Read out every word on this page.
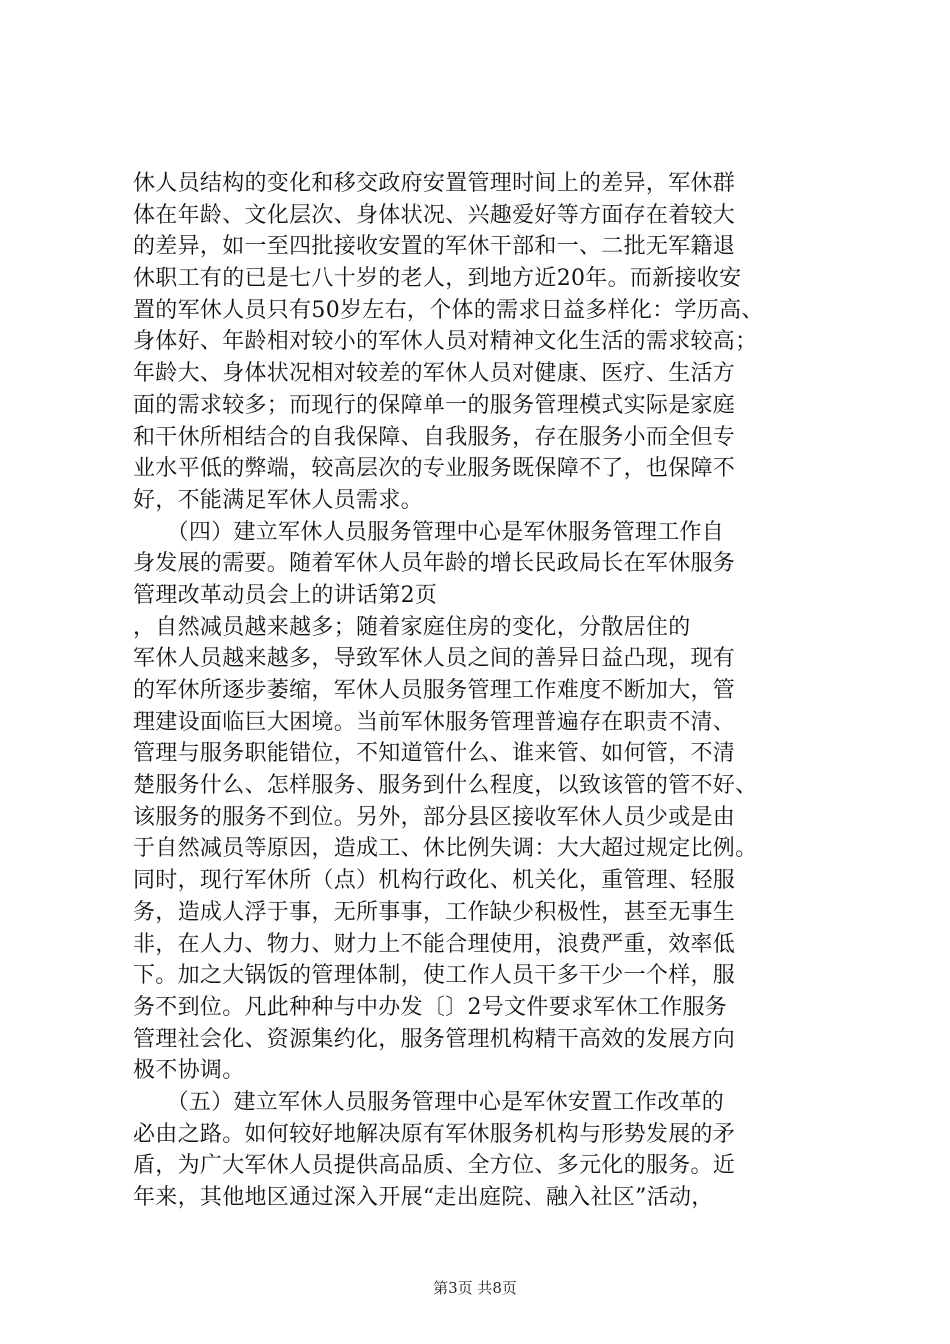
休人员结构的变化和移交政府安置管理时间上的差异，军休群
体在年龄、文化层次、身体状况、兴趣爱好等方面存在着较大
的差异，如一至四批接收安置的军休干部和一、二批无军籍退
休职工有的已是七八十岁的老人，到地方近20年。而新接收安
置的军休人员只有50岁左右，个体的需求日益多样化：学历高、
身体好、年龄相对较小的军休人员对精神文化生活的需求较高；
年龄大、身体状况相对较差的军休人员对健康、医疗、生活方
面的需求较多；而现行的保障单一的服务管理模式实际是家庭
和干休所相结合的自我保障、自我服务，存在服务小而全但专
业水平低的弊端，较高层次的专业服务既保障不了，也保障不
好，不能满足军休人员需求。
　　（四）建立军休人员服务管理中心是军休服务管理工作自
身发展的需要。随着军休人员年龄的增长民政局长在军休服务
管理改革动员会上的讲话第2页
，自然减员越来越多；随着家庭住房的变化，分散居住的
军休人员越来越多，导致军休人员之间的善异日益凸现，现有
的军休所逐步萎缩，军休人员服务管理工作难度不断加大，管
理建设面临巨大困境。当前军休服务管理普遍存在职责不清、
管理与服务职能错位，不知道管什么、谁来管、如何管，不清
楚服务什么、怎样服务、服务到什么程度，以致该管的管不好、
该服务的服务不到位。另外，部分县区接收军休人员少或是由
于自然减员等原因，造成工、休比例失调：大大超过规定比例。
同时，现行军休所（点）机构行政化、机关化，重管理、轻服
务，造成人浮于事，无所事事，工作缺少积极性，甚至无事生
非，在人力、物力、财力上不能合理使用，浪费严重，效率低
下。加之大锅饭的管理体制，使工作人员干多干少一个样，服
务不到位。凡此种种与中办发〔〕2号文件要求军休工作服务
管理社会化、资源集约化，服务管理机构精干高效的发展方向
极不协调。
　　（五）建立军休人员服务管理中心是军休安置工作改革的
必由之路。如何较好地解决原有军休服务机构与形势发展的矛
盾，为广大军休人员提供高品质、全方位、多元化的服务。近
年来，其他地区通过深入开展“走出庭院、融入社区”活动，
第3页 共8页
